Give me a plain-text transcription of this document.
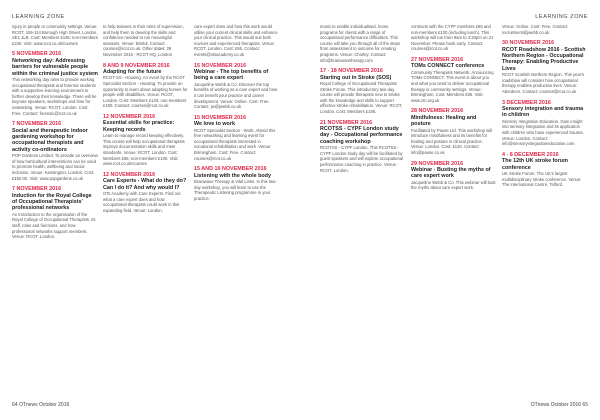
LEARNING ZONE	LEARNING ZONE
injury in people or community settings. Venue: RCOT, 106-114 Borough High Street, London, SE1 1LB. Cost: Members £165; non-members £230. Visit: www.rcot.co.uk/courses
5 NOVEMBER 2016
Networking day: Addressing barriers for vulnerable people within the criminal justice system
This networking day aims to provide working occupational therapists and forensic students with a supportive learning environment to further develop their knowledge. There will be keynote speakers, workshops and time for networking. Venue: RCOT, London. Cost: Free. Contact: forensic@rcot.co.uk
7 NOVEMBER 2016
Social and therapeutic indoor gardening workshop for occupational therapists and activity co-ordinators
POP Gardens Limited. To provide an overview of how horticultural interventions can be used to promote health, wellbeing and social inclusion. Venue: Kensington, London. Cost: £150.00. Visit: www.popgardens.co.uk
7 NOVEMBER 2016
Induction for the Royal College of Occupational Therapists' professional networks
An introduction to the organisation of the Royal College of Occupational Therapists, its staff, roles and functions, and how professional networks support members. Venue: RCOT, London.
to help trainees in their roles of supervision, and help them to develop the skills and confidence needed to run meaningful sessions. Venue: Bristol. Contact: courses@rcot.co.uk. Other dates: 29 November 2016 - RCOT HQ, London
8 AND 9 NOVEMBER 2016
Adapting for the future
RCOT-SS - Housing. An event by the RCOT Specialist Section - Housing. To provide an opportunity to learn about adapting homes for people with disabilities. Venue: RCOT, London. Cost: Members £120; non-members £180. Contact: courses@rcot.co.uk
12 NOVEMBER 2016
Essential skills for practice: Keeping records
Learn to manage record keeping effectively. This course will help occupational therapists improve documentation skills and meet standards. Venue: RCOT, London. Cost: Members £65; non-members £100. Visit: www.rcot.co.uk/courses
12 NOVEMBER 2016
Care Experts - What do they do? Can I do it? And why would I?
OTs Academy with Care Experts. Find out what a care expert does and how occupational therapists could work in this expanding field. Venue: London.
care expert does and how this work would utilise your current clinical skills and enhance your clinical practice. This would suit both novices and experienced therapists. Venue: RCOT, London. Cost: £95. Contact: events@otsacademy.co.uk
15 NOVEMBER 2016
Webinar - The top benefits of being a care expert
Jacqueline Webb & Co. Discover the top benefits of working as a care expert and how it can benefit your practice and career development. Venue: Online. Cost: Free. Contact: jw@jwebb.co.uk
15 NOVEMBER 2016
We love to work
RCOT Specialist Section - Work. Attend this free networking and learning event for occupational therapists interested in vocational rehabilitation and work. Venue: Birmingham. Cost: Free. Contact: courses@rcot.co.uk
15 AND 16 NOVEMBER 2016
Listening with the whole body
Brainwave Therapy & Vital Links. In this two-day workshop, you will learn to use the Therapeutic Listening programme in your practice.
music to enable individualised, home programs for clients with a range of occupational performance difficulties. This course will take you through all of the steps from assessment to outcome for creating programs. Venue: Chorley. Contact: info@brainwavetherapy.com
17 - 18 NOVEMBER 2016
Starting out in Stroke (SOS)
Royal College of Occupational Therapists Stroke Forum. This introductory two-day course will provide therapists new to stroke with the knowledge and skills to support effective stroke rehabilitation. Venue: RCOT, London. Cost: Members £190.
21 NOVEMBER 2016
RCOTSS - CYPF London study day - Occupational performance coaching workshop
RCOTSS - CYPF London. This RCOTSS - CYPF London study day will be facilitated by guest speakers and will explore occupational performance coaching in practice. Venue: RCOT, London.
contracts with the CYPF members £95 and non-members £130 (including lunch). This workshop will run from 9am to 4:30pm on 21 November. Please book early. Contact: courses@rcot.co.uk
27 NOVEMBER 2016
TOMs CONNECT conference
Community Therapists Network. Announcing TOMs CONNECT. This event is about you and what you need to deliver occupational therapy in community settings. Venue: Birmingham. Cost: Members £95. Visit: www.ctn.org.uk
28 NOVEMBER 2016
Mindfulness: Healing and posture
Facilitated by Pause Ltd. This workshop will introduce mindfulness and its benefits for healing and posture in clinical practice. Venue: London. Cost: £120. Contact: info@pause.co.uk
29 NOVEMBER 2016
Webinar - Busting the myths of care expert work
Jacqueline Webb & Co. This webinar will bust the myths about care expert work.
Venue: Online. Cost: Free. Contact: recruitment@jwebb.co.uk
30 NOVEMBER 2016
RCOT Roadshow 2016 - Scottish Northern Region - Occupational Therapy: Enabling Productive Lives
RCOT Scottish Northern Region. This year's roadshow will consider how occupational therapy enables productive lives. Venue: Aberdeen. Contact: courses@rcot.co.uk
3 DECEMBER 2016
Sensory integration and trauma in children
Sensory Integration Education. Gain insight into sensory integration and its application with children who have experienced trauma. Venue: London. Contact: info@sensoryintegrationeducation.com
4 - 8 DECEMBER 2016
The 12th UK stroke forum conference
UK Stroke Forum. The UK's largest multidisciplinary stroke conference. Venue: The International Centre, Telford.
64 OTnews October 2016	OTnews October 2016 65
